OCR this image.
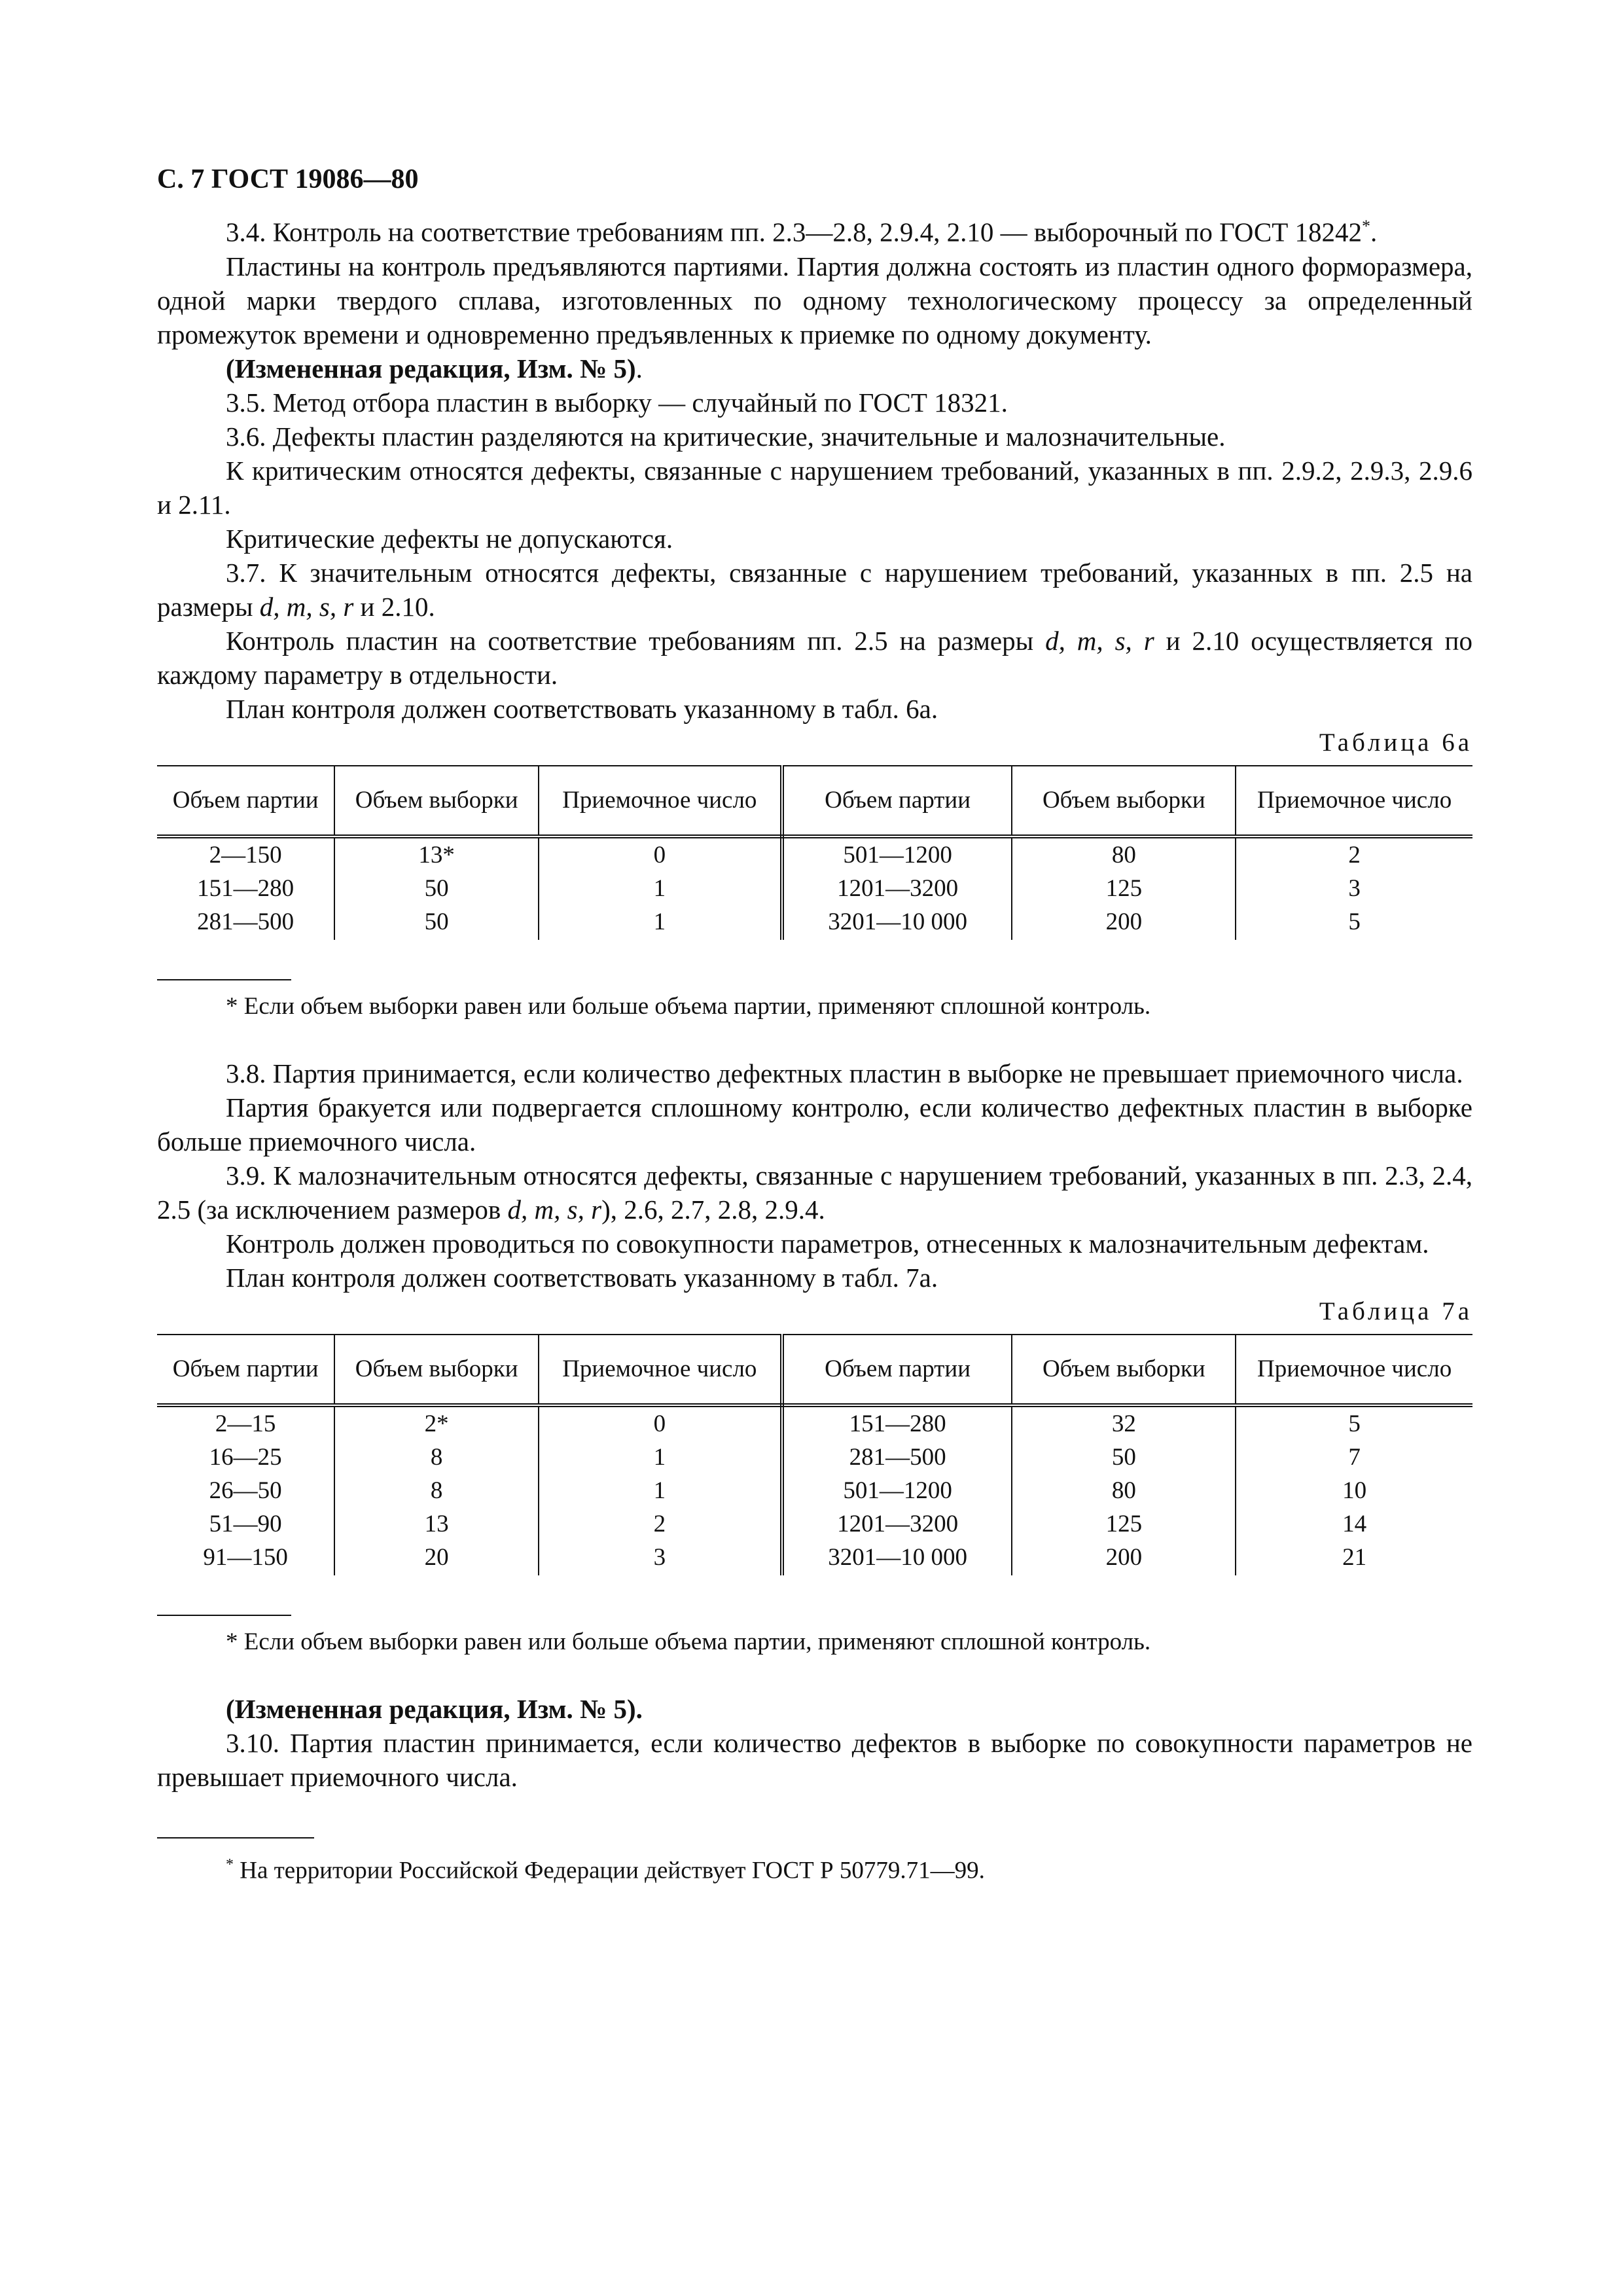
С. 7 ГОСТ 19086—80

3.4. Контроль на соответствие требованиям пп. 2.3—2.8, 2.9.4, 2.10 — выборочный по ГОСТ 18242*.

Пластины на контроль предъявляются партиями. Партия должна состоять из пластин одного форморазмера, одной марки твердого сплава, изготовленных по одному технологическому процессу за определенный промежуток времени и одновременно предъявленных к приемке по одному документу.

(Измененная редакция, Изм. № 5).

3.5. Метод отбора пластин в выборку — случайный по ГОСТ 18321.

3.6. Дефекты пластин разделяются на критические, значительные и малозначительные.

К критическим относятся дефекты, связанные с нарушением требований, указанных в пп. 2.9.2, 2.9.3, 2.9.6 и 2.11.

Критические дефекты не допускаются.

3.7. К значительным относятся дефекты, связанные с нарушением требований, указанных в пп. 2.5 на размеры d, m, s, r и 2.10.

Контроль пластин на соответствие требованиям пп. 2.5 на размеры d, m, s, r и 2.10 осуществляется по каждому параметру в отдельности.

План контроля должен соответствовать указанному в табл. 6а.

Таблица 6а
Объем партии	Объем выборки	Приемочное число	Объем партии	Объем выборки	Приемочное число
2—150	13*	0	501—1200	80	2
151—280	50	1	1201—3200	125	3
281—500	50	1	3201—10 000	200	5
* Если объем выборки равен или больше объема партии, применяют сплошной контроль.

3.8. Партия принимается, если количество дефектных пластин в выборке не превышает приемочного числа.

Партия бракуется или подвергается сплошному контролю, если количество дефектных пластин в выборке больше приемочного числа.

3.9. К малозначительным относятся дефекты, связанные с нарушением требований, указанных в пп. 2.3, 2.4, 2.5 (за исключением размеров d, m, s, r), 2.6, 2.7, 2.8, 2.9.4.

Контроль должен проводиться по совокупности параметров, отнесенных к малозначительным дефектам.

План контроля должен соответствовать указанному в табл. 7а.

Таблица 7а
Объем партии	Объем выборки	Приемочное число	Объем партии	Объем выборки	Приемочное число
2—15	2*	0	151—280	32	5
16—25	8	1	281—500	50	7
26—50	8	1	501—1200	80	10
51—90	13	2	1201—3200	125	14
91—150	20	3	3201—10 000	200	21
* Если объем выборки равен или больше объема партии, применяют сплошной контроль.

(Измененная редакция, Изм. № 5).

3.10. Партия пластин принимается, если количество дефектов в выборке по совокупности параметров не превышает приемочного числа.

* На территории Российской Федерации действует ГОСТ Р 50779.71—99.
